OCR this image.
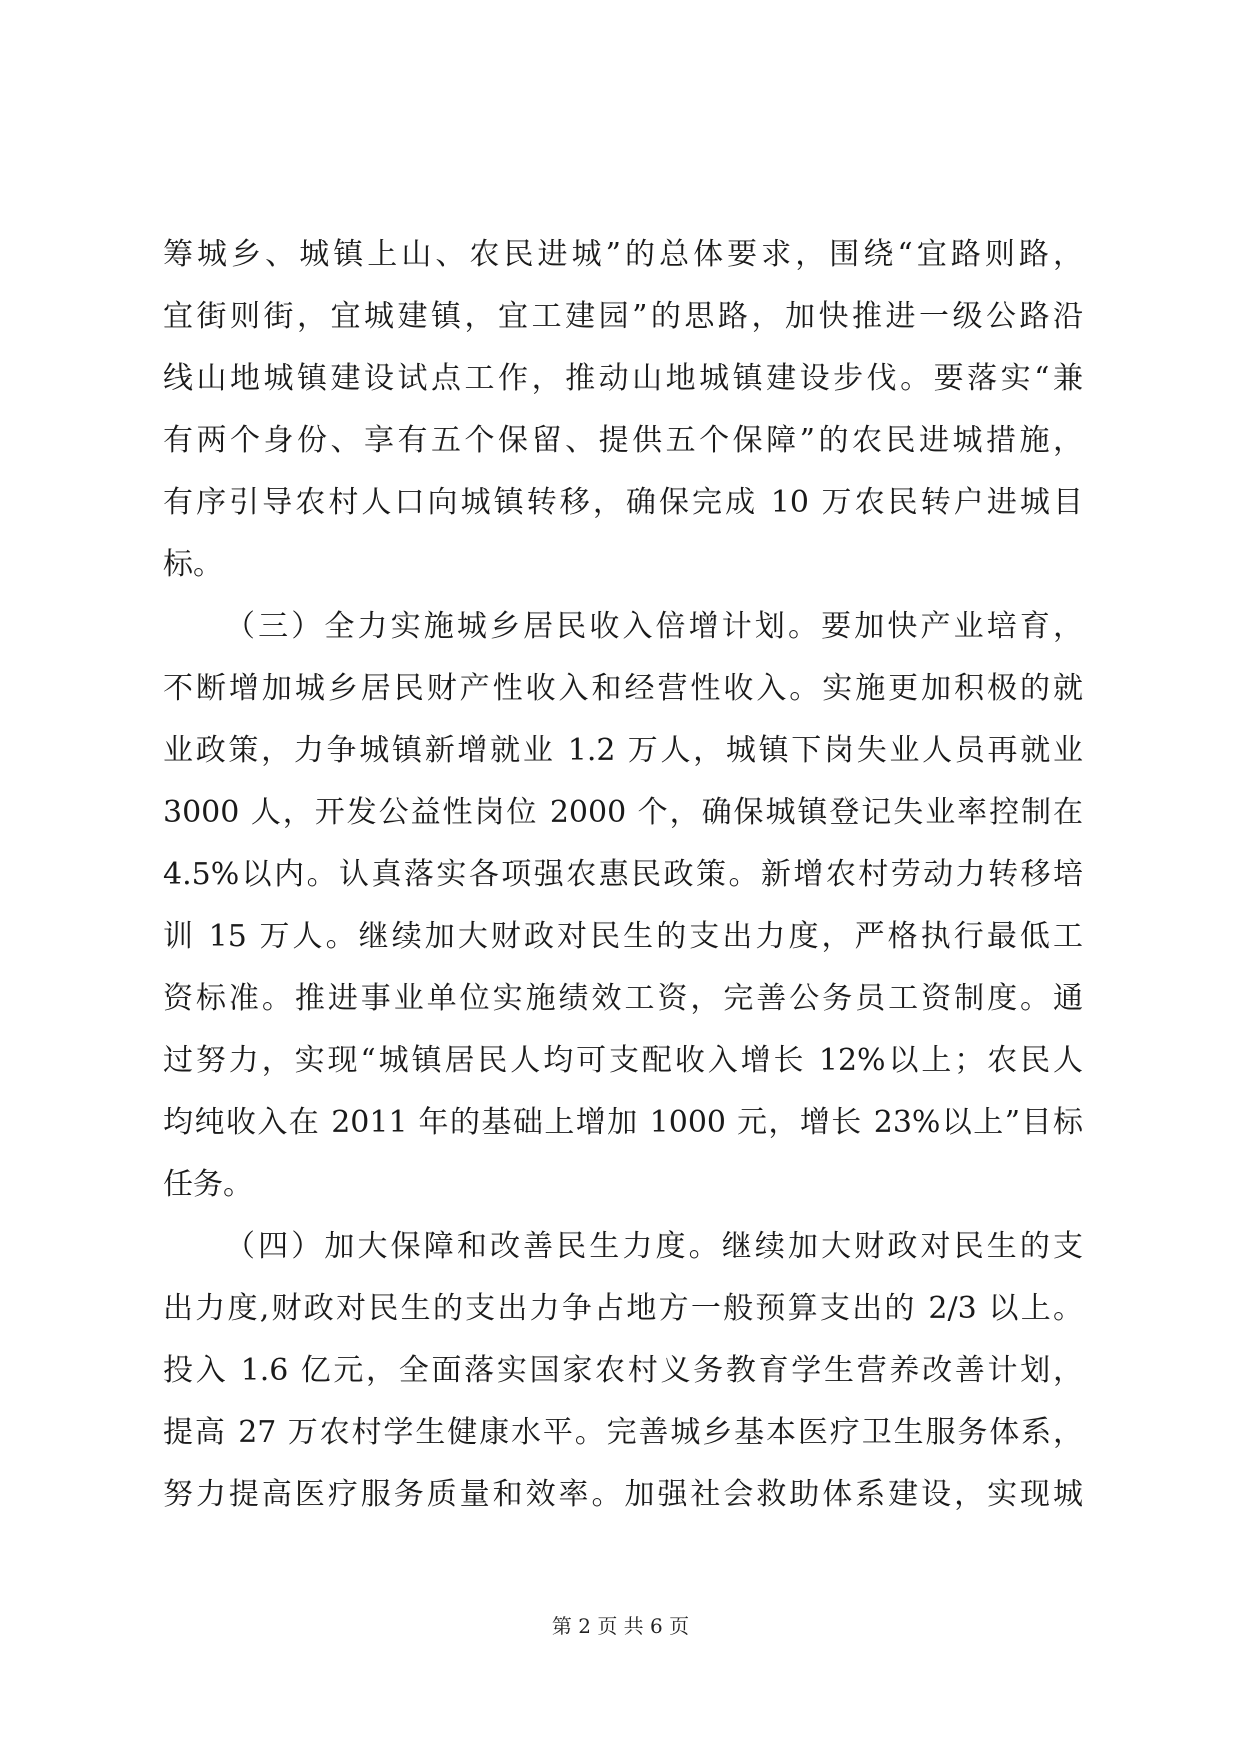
筹城乡、城镇上山、农民进城”的总体要求，围绕“宜路则路，
宜街则街，宜城建镇，宜工建园”的思路，加快推进一级公路沿
线山地城镇建设试点工作，推动山地城镇建设步伐。要落实“兼
有两个身份、享有五个保留、提供五个保障”的农民进城措施，
有序引导农村人口向城镇转移，确保完成 10 万农民转户进城目
标。
（三）全力实施城乡居民收入倍增计划。要加快产业培育，
不断增加城乡居民财产性收入和经营性收入。实施更加积极的就
业政策，力争城镇新增就业 1.2 万人，城镇下岗失业人员再就业
3000 人，开发公益性岗位 2000 个，确保城镇登记失业率控制在
4.5%以内。认真落实各项强农惠民政策。新增农村劳动力转移培
训 15 万人。继续加大财政对民生的支出力度，严格执行最低工
资标准。推进事业单位实施绩效工资，完善公务员工资制度。通
过努力，实现“城镇居民人均可支配收入增长 12%以上；农民人
均纯收入在 2011 年的基础上增加 1000 元，增长 23%以上”目标
任务。
（四）加大保障和改善民生力度。继续加大财政对民生的支
出力度,财政对民生的支出力争占地方一般预算支出的 2/3 以上。
投入 1.6 亿元，全面落实国家农村义务教育学生营养改善计划，
提高 27 万农村学生健康水平。完善城乡基本医疗卫生服务体系，
努力提高医疗服务质量和效率。加强社会救助体系建设，实现城
第 2 页 共 6 页
